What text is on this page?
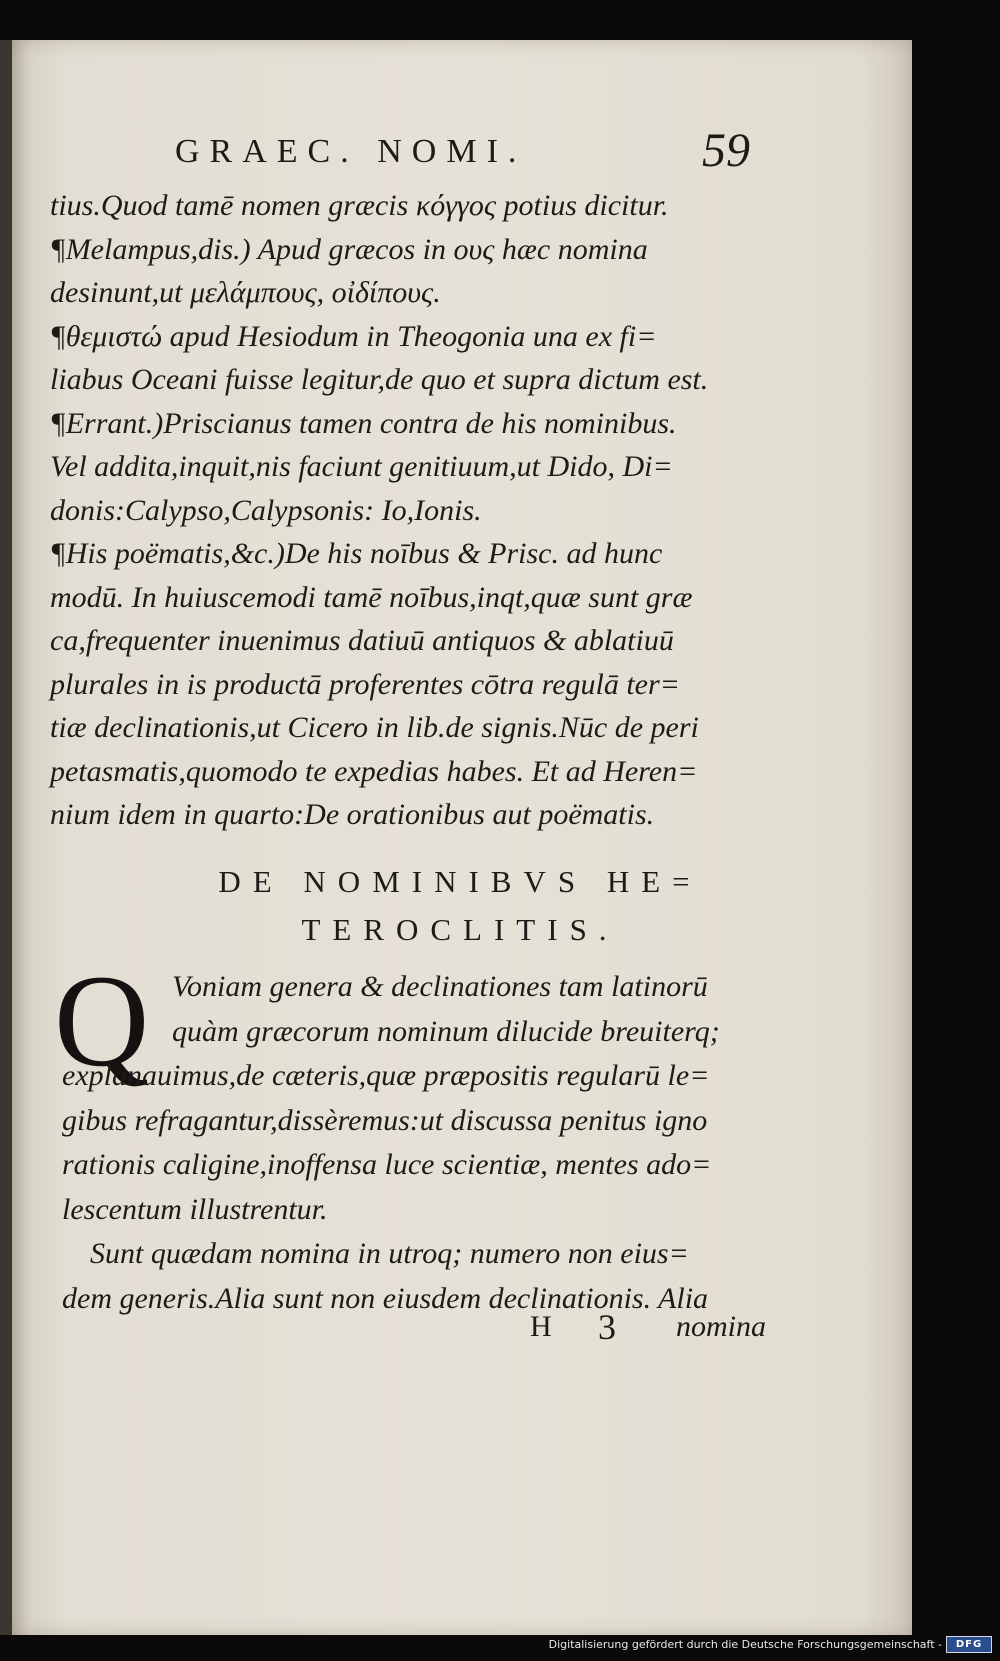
GRAEC. NOMI.	59
tius.Quod tamē nomen græcis κόγγος potius dicitur.
¶Melampus,dis.) Apud græcos in ους hæc nomina
desinunt,ut μελάμπους, οἰδίπους.
¶θεμιστώ apud Hesiodum in Theogonia una ex fi=
liabus Oceani fuisse legitur,de quo et supra dictum est.
¶Errant.)Priscianus tamen contra de his nominibus.
Vel addita,inquit,nis faciunt genitiuum,ut Dido, Di=
donis:Calypso,Calypsonis: Io,Ionis.
¶His poëmatis,&c.)De his noībus & Prisc. ad hunc
modū. In huiuscemodi tamē noībus,inqt,quæ sunt græ
ca,frequenter inuenimus datiuū antiquos & ablatiuū
plurales in is productā proferentes cōtra regulā ter=
tiæ declinationis,ut Cicero in lib.de signis.Nūc de peri
petasmatis,quomodo te expedias habes. Et ad Heren=
nium idem in quarto:De orationibus aut poëmatis.
DE NOMINIBVS HE=
TEROCLITIS.
Q Voniam genera & declinationes tam latinorū
quàm græcorum nominum dilucide breuiterq;
explanauimus,de cæteris,quæ præpositis regularū le=
gibus refragantur,dissèremus:ut discussa penitus igno
rationis caligine,inoffensa luce scientiæ, mentes ado=
lescentum illustrentur.
Sunt quædam nomina in utroq; numero non eius=
dem generis.Alia sunt non eiusdem declinationis. Alia
H 3 nomina
Digitalisierung gefördert durch die Deutsche Forschungsgemeinschaft -	DFG
